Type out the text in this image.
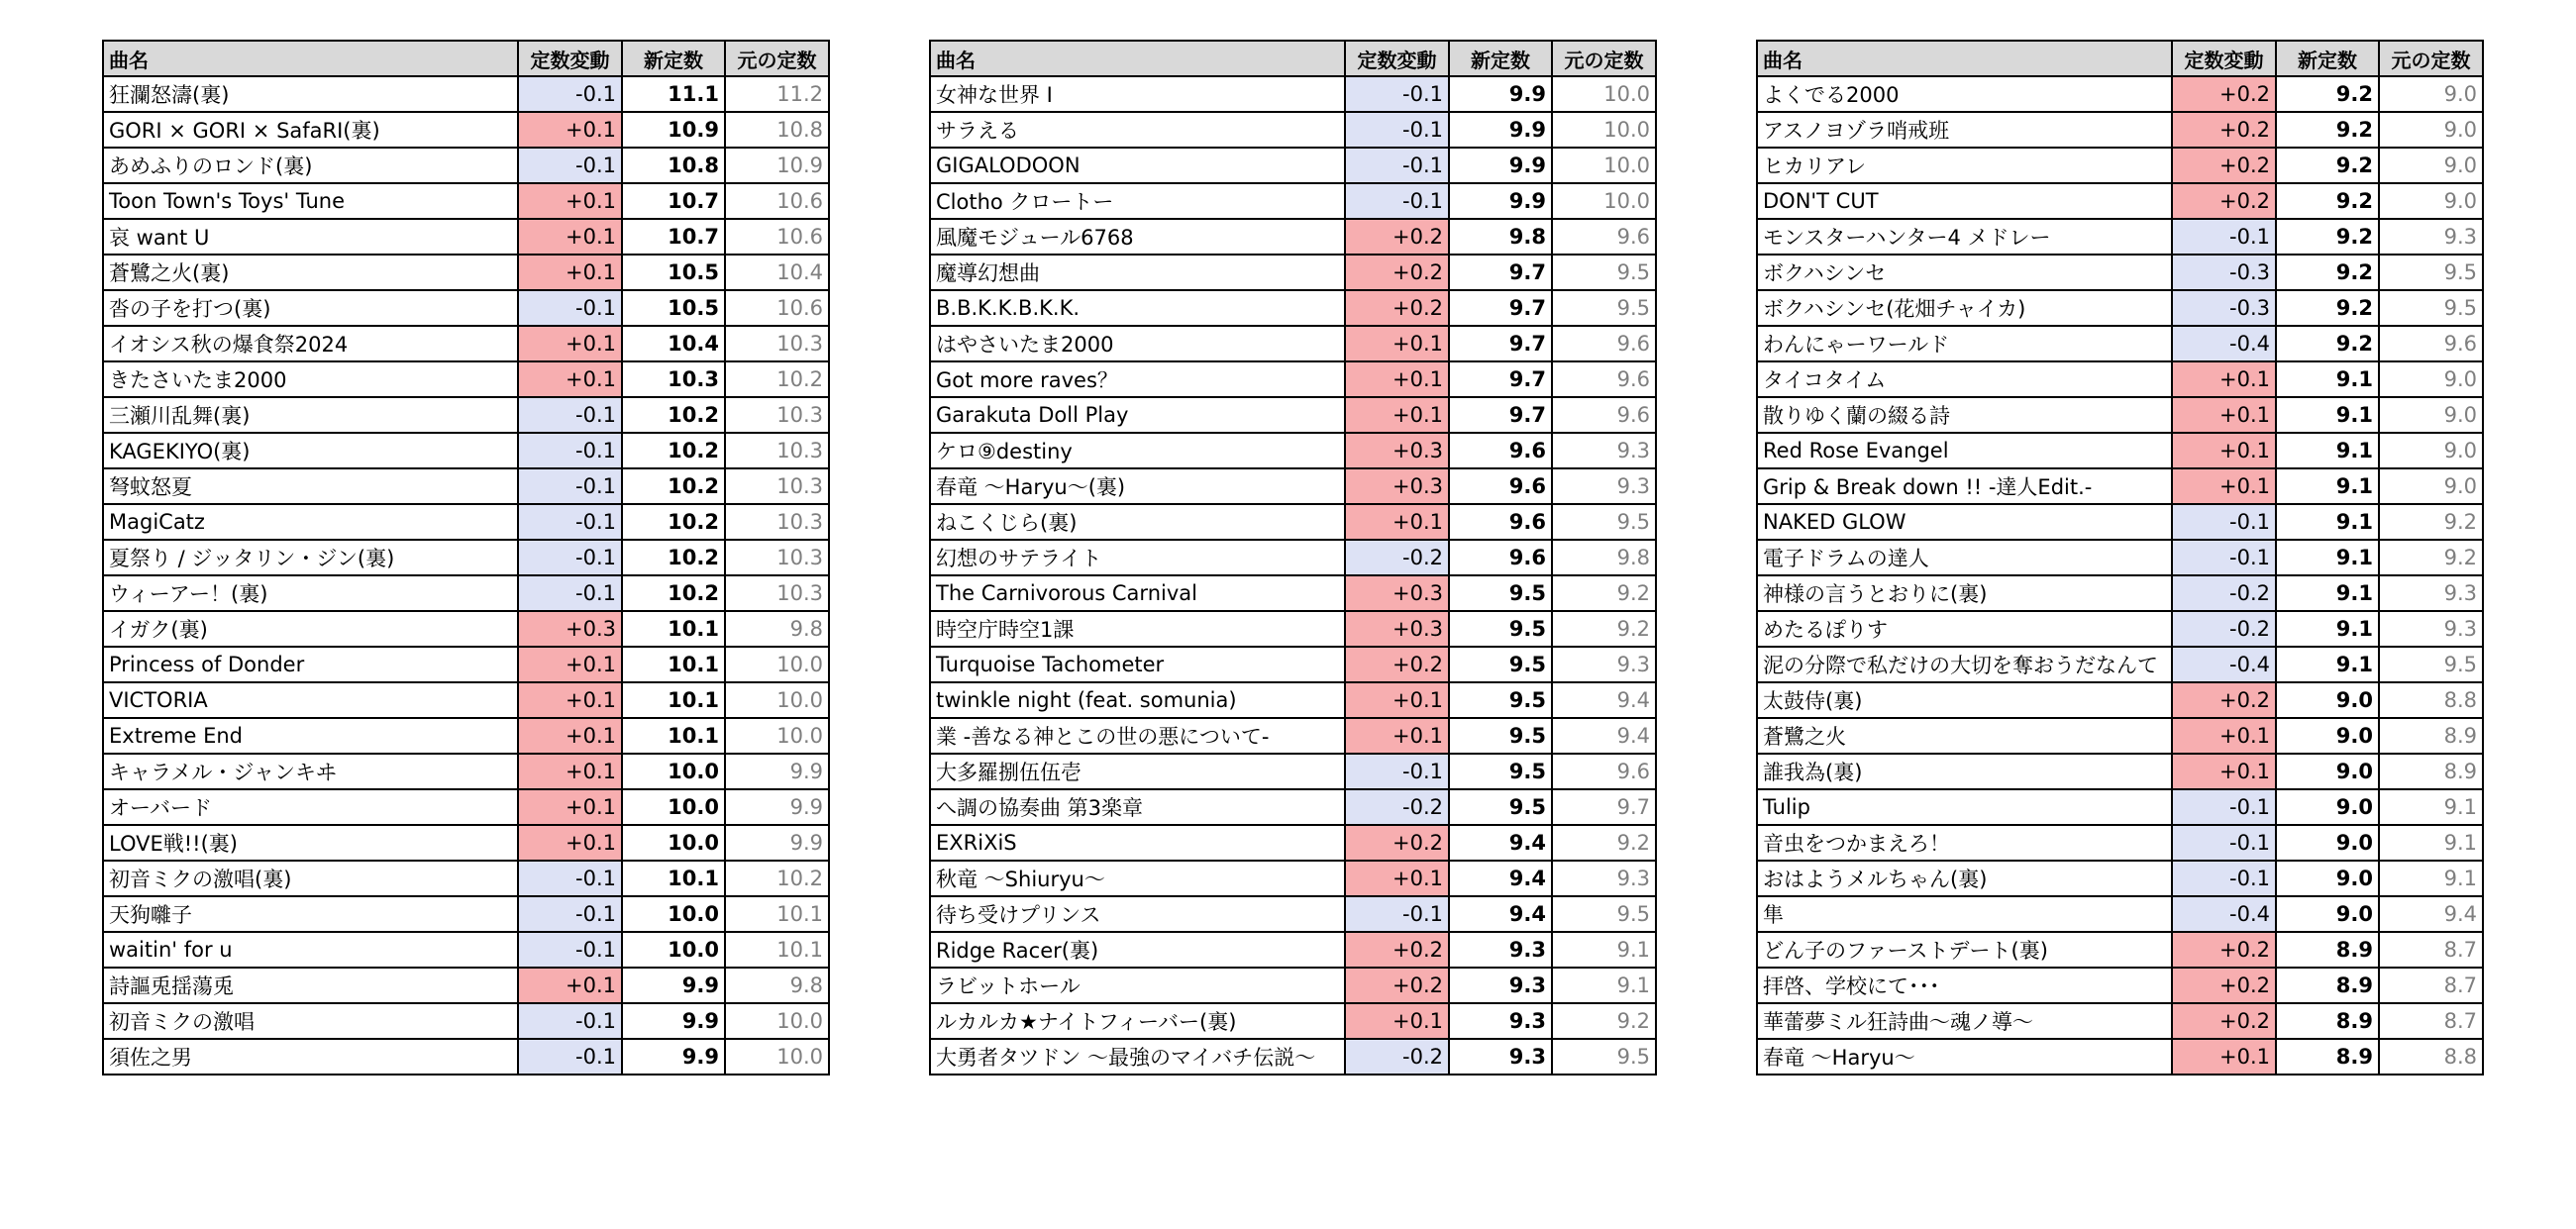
曲名	定数変動	新定数	元の定数
狂瀾怒濤(裏)	-0.1	11.1	11.2
GORI × GORI × SafaRI(裏)	+0.1	10.9	10.8
あめふりのロンド(裏)	-0.1	10.8	10.9
Toon Town's Toys' Tune	+0.1	10.7	10.6
哀 want U	+0.1	10.7	10.6
蒼鷺之火(裏)	+0.1	10.5	10.4
沓の子を打つ(裏)	-0.1	10.5	10.6
イオシス秋の爆食祭2024	+0.1	10.4	10.3
きたさいたま2000	+0.1	10.3	10.2
三瀬川乱舞(裏)	-0.1	10.2	10.3
KAGEKIYO(裏)	-0.1	10.2	10.3
弩蚊怒夏	-0.1	10.2	10.3
MagiCatz	-0.1	10.2	10.3
夏祭り / ジッタリン・ジン(裏)	-0.1	10.2	10.3
ウィーアー！(裏)	-0.1	10.2	10.3
イガク(裏)	+0.3	10.1	9.8
Princess of Donder	+0.1	10.1	10.0
VICTORIA	+0.1	10.1	10.0
Extreme End	+0.1	10.1	10.0
キャラメル・ジャンキヰ	+0.1	10.0	9.9
オーバード	+0.1	10.0	9.9
LOVE戦!!(裏)	+0.1	10.0	9.9
初音ミクの激唱(裏)	-0.1	10.1	10.2
天狗囃子	-0.1	10.0	10.1
waitin' for u	-0.1	10.0	10.1
詩謳兎揺蕩兎	+0.1	9.9	9.8
初音ミクの激唱	-0.1	9.9	10.0
須佐之男	-0.1	9.9	10.0
曲名	定数変動	新定数	元の定数
女神な世界 Ⅰ	-0.1	9.9	10.0
サラえる	-0.1	9.9	10.0
GIGALODOON	-0.1	9.9	10.0
Clotho クロートー	-0.1	9.9	10.0
風魔モジュール6768	+0.2	9.8	9.6
魔導幻想曲	+0.2	9.7	9.5
B.B.K.K.B.K.K.	+0.2	9.7	9.5
はやさいたま2000	+0.1	9.7	9.6
Got more raves？	+0.1	9.7	9.6
Garakuta Doll Play	+0.1	9.7	9.6
ケロ⑨destiny	+0.3	9.6	9.3
春竜 ～Haryu～(裏)	+0.3	9.6	9.3
ねこくじら(裏)	+0.1	9.6	9.5
幻想のサテライト	-0.2	9.6	9.8
The Carnivorous Carnival	+0.3	9.5	9.2
時空庁時空1課	+0.3	9.5	9.2
Turquoise Tachometer	+0.2	9.5	9.3
twinkle night (feat. somunia)	+0.1	9.5	9.4
業 -善なる神とこの世の悪について-	+0.1	9.5	9.4
大多羅捌伍伍壱	-0.1	9.5	9.6
へ調の協奏曲 第3楽章	-0.2	9.5	9.7
EXRiXiS	+0.2	9.4	9.2
秋竜 ～Shiuryu～	+0.1	9.4	9.3
待ち受けプリンス	-0.1	9.4	9.5
Ridge Racer(裏)	+0.2	9.3	9.1
ラビットホール	+0.2	9.3	9.1
ルカルカ★ナイトフィーバー(裏)	+0.1	9.3	9.2
大勇者タツドン ～最強のマイバチ伝説～	-0.2	9.3	9.5
曲名	定数変動	新定数	元の定数
よくでる2000	+0.2	9.2	9.0
アスノヨゾラ哨戒班	+0.2	9.2	9.0
ヒカリアレ	+0.2	9.2	9.0
DON'T CUT	+0.2	9.2	9.0
モンスターハンター4 メドレー	-0.1	9.2	9.3
ボクハシンセ	-0.3	9.2	9.5
ボクハシンセ(花畑チャイカ)	-0.3	9.2	9.5
わんにゃーワールド	-0.4	9.2	9.6
タイコタイム	+0.1	9.1	9.0
散りゆく蘭の綴る詩	+0.1	9.1	9.0
Red Rose Evangel	+0.1	9.1	9.0
Grip & Break down !! -達人Edit.-	+0.1	9.1	9.0
NAKED GLOW	-0.1	9.1	9.2
電子ドラムの達人	-0.1	9.1	9.2
神様の言うとおりに(裏)	-0.2	9.1	9.3
めたるぽりす	-0.2	9.1	9.3
泥の分際で私だけの大切を奪おうだなんて	-0.4	9.1	9.5
太鼓侍(裏)	+0.2	9.0	8.8
蒼鷺之火	+0.1	9.0	8.9
誰我為(裏)	+0.1	9.0	8.9
Tulip	-0.1	9.0	9.1
音虫をつかまえろ！	-0.1	9.0	9.1
おはようメルちゃん(裏)	-0.1	9.0	9.1
隼	-0.4	9.0	9.4
どん子のファーストデート(裏)	+0.2	8.9	8.7
拝啓、学校にて･･･	+0.2	8.9	8.7
華蕾夢ミル狂詩曲～魂ノ導～	+0.2	8.9	8.7
春竜 ～Haryu～	+0.1	8.9	8.8
